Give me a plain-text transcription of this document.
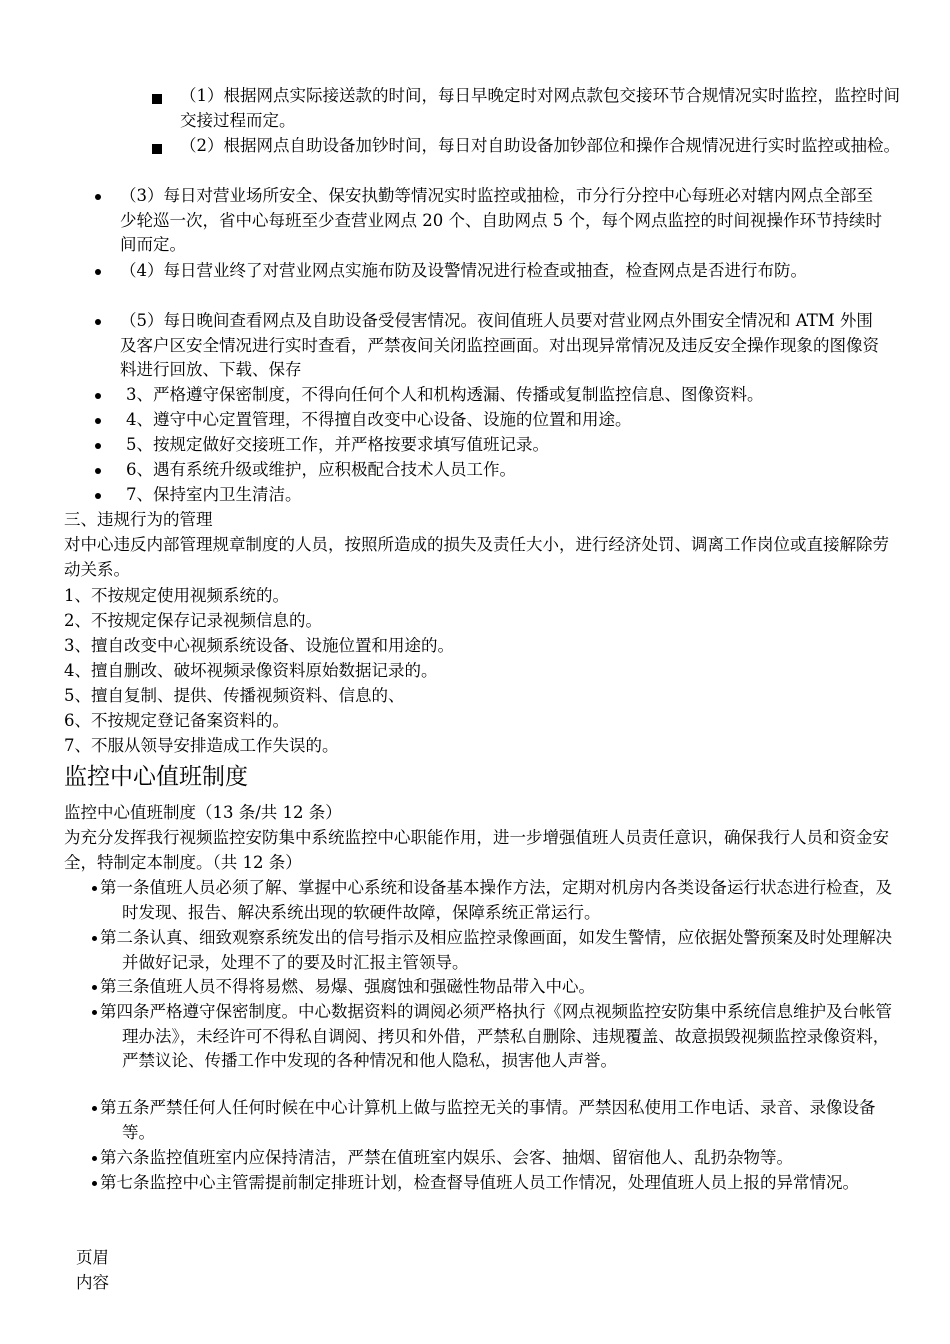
（1）根据网点实际接送款的时间，每日早晚定时对网点款包交接环节合规情况实时监控，监控时间交接过程而定。

（2）根据网点自助设备加钞时间，每日对自助设备加钞部位和操作合规情况进行实时监控或抽检。

（3）每日对营业场所安全、保安执勤等情况实时监控或抽检，市分行分控中心每班必对辖内网点全部至少轮巡一次，省中心每班至少查营业网点 20 个、自助网点 5 个，每个网点监控的时间视操作环节持续时间而定。

（4）每日营业终了对营业网点实施布防及设警情况进行检查或抽查，检查网点是否进行布防。

（5）每日晚间查看网点及自助设备受侵害情况。夜间值班人员要对营业网点外围安全情况和 ATM 外围及客户区安全情况进行实时查看，严禁夜间关闭监控画面。对出现异常情况及违反安全操作现象的图像资料进行回放、下载、保存

3、严格遵守保密制度，不得向任何个人和机构透漏、传播或复制监控信息、图像资料。

4、遵守中心定置管理，不得擅自改变中心设备、设施的位置和用途。

5、按规定做好交接班工作，并严格按要求填写值班记录。

6、遇有系统升级或维护，应积极配合技术人员工作。

7、保持室内卫生清洁。

三、违规行为的管理

对中心违反内部管理规章制度的人员，按照所造成的损失及责任大小，进行经济处罚、调离工作岗位或直接解除劳动关系。

1、不按规定使用视频系统的。

2、不按规定保存记录视频信息的。

3、擅自改变中心视频系统设备、设施位置和用途的。

4、擅自删改、破坏视频录像资料原始数据记录的。

5、擅自复制、提供、传播视频资料、信息的、

6、不按规定登记备案资料的。

7、不服从领导安排造成工作失误的。

监控中心值班制度

监控中心值班制度（13 条/共 12 条）

为充分发挥我行视频监控安防集中系统监控中心职能作用，进一步增强值班人员责任意识，确保我行人员和资金安全，特制定本制度。（共 12 条）

第一条值班人员必须了解、掌握中心系统和设备基本操作方法，定期对机房内各类设备运行状态进行检查，及时发现、报告、解决系统出现的软硬件故障，保障系统正常运行。

第二条认真、细致观察系统发出的信号指示及相应监控录像画面，如发生警情，应依据处警预案及时处理解决并做好记录，处理不了的要及时汇报主管领导。

第三条值班人员不得将易燃、易爆、强腐蚀和强磁性物品带入中心。

第四条严格遵守保密制度。中心数据资料的调阅必须严格执行《网点视频监控安防集中系统信息维护及台帐管理办法》，未经许可不得私自调阅、拷贝和外借，严禁私自删除、违规覆盖、故意损毁视频监控录像资料，严禁议论、传播工作中发现的各种情况和他人隐私，损害他人声誉。

第五条严禁任何人任何时候在中心计算机上做与监控无关的事情。严禁因私使用工作电话、录音、录像设备等。

第六条监控值班室内应保持清洁，严禁在值班室内娱乐、会客、抽烟、留宿他人、乱扔杂物等。

第七条监控中心主管需提前制定排班计划，检查督导值班人员工作情况，处理值班人员上报的异常情况。

页眉

内容
